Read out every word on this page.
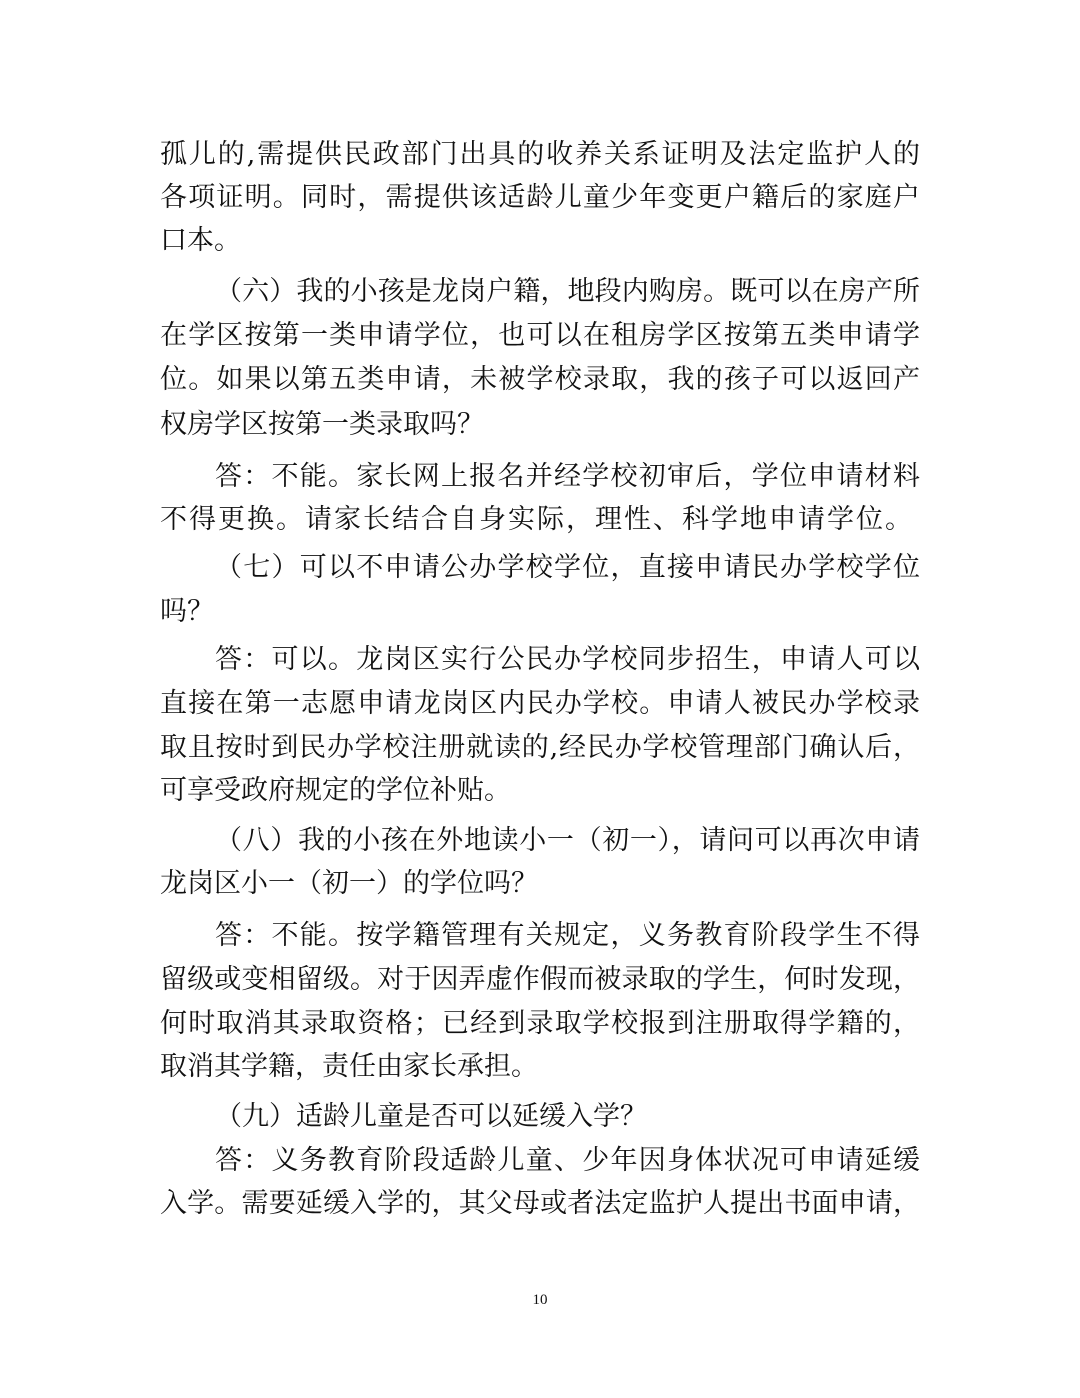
孤儿的,需提供民政部门出具的收养关系证明及法定监护人的
各项证明。同时，需提供该适龄儿童少年变更户籍后的家庭户
口本。
（六）我的小孩是龙岗户籍，地段内购房。既可以在房产所
在学区按第一类申请学位，也可以在租房学区按第五类申请学
位。如果以第五类申请，未被学校录取，我的孩子可以返回产
权房学区按第一类录取吗？
答：不能。家长网上报名并经学校初审后，学位申请材料
不得更换。请家长结合自身实际，理性、科学地申请学位。
（七）可以不申请公办学校学位，直接申请民办学校学位
吗？
答：可以。龙岗区实行公民办学校同步招生，申请人可以
直接在第一志愿申请龙岗区内民办学校。申请人被民办学校录
取且按时到民办学校注册就读的,经民办学校管理部门确认后，
可享受政府规定的学位补贴。
（八）我的小孩在外地读小一（初一），请问可以再次申请
龙岗区小一（初一）的学位吗？
答：不能。按学籍管理有关规定，义务教育阶段学生不得
留级或变相留级。对于因弄虚作假而被录取的学生，何时发现，
何时取消其录取资格；已经到录取学校报到注册取得学籍的，
取消其学籍，责任由家长承担。
（九）适龄儿童是否可以延缓入学？
答：义务教育阶段适龄儿童、少年因身体状况可申请延缓
入学。需要延缓入学的，其父母或者法定监护人提出书面申请，
10
